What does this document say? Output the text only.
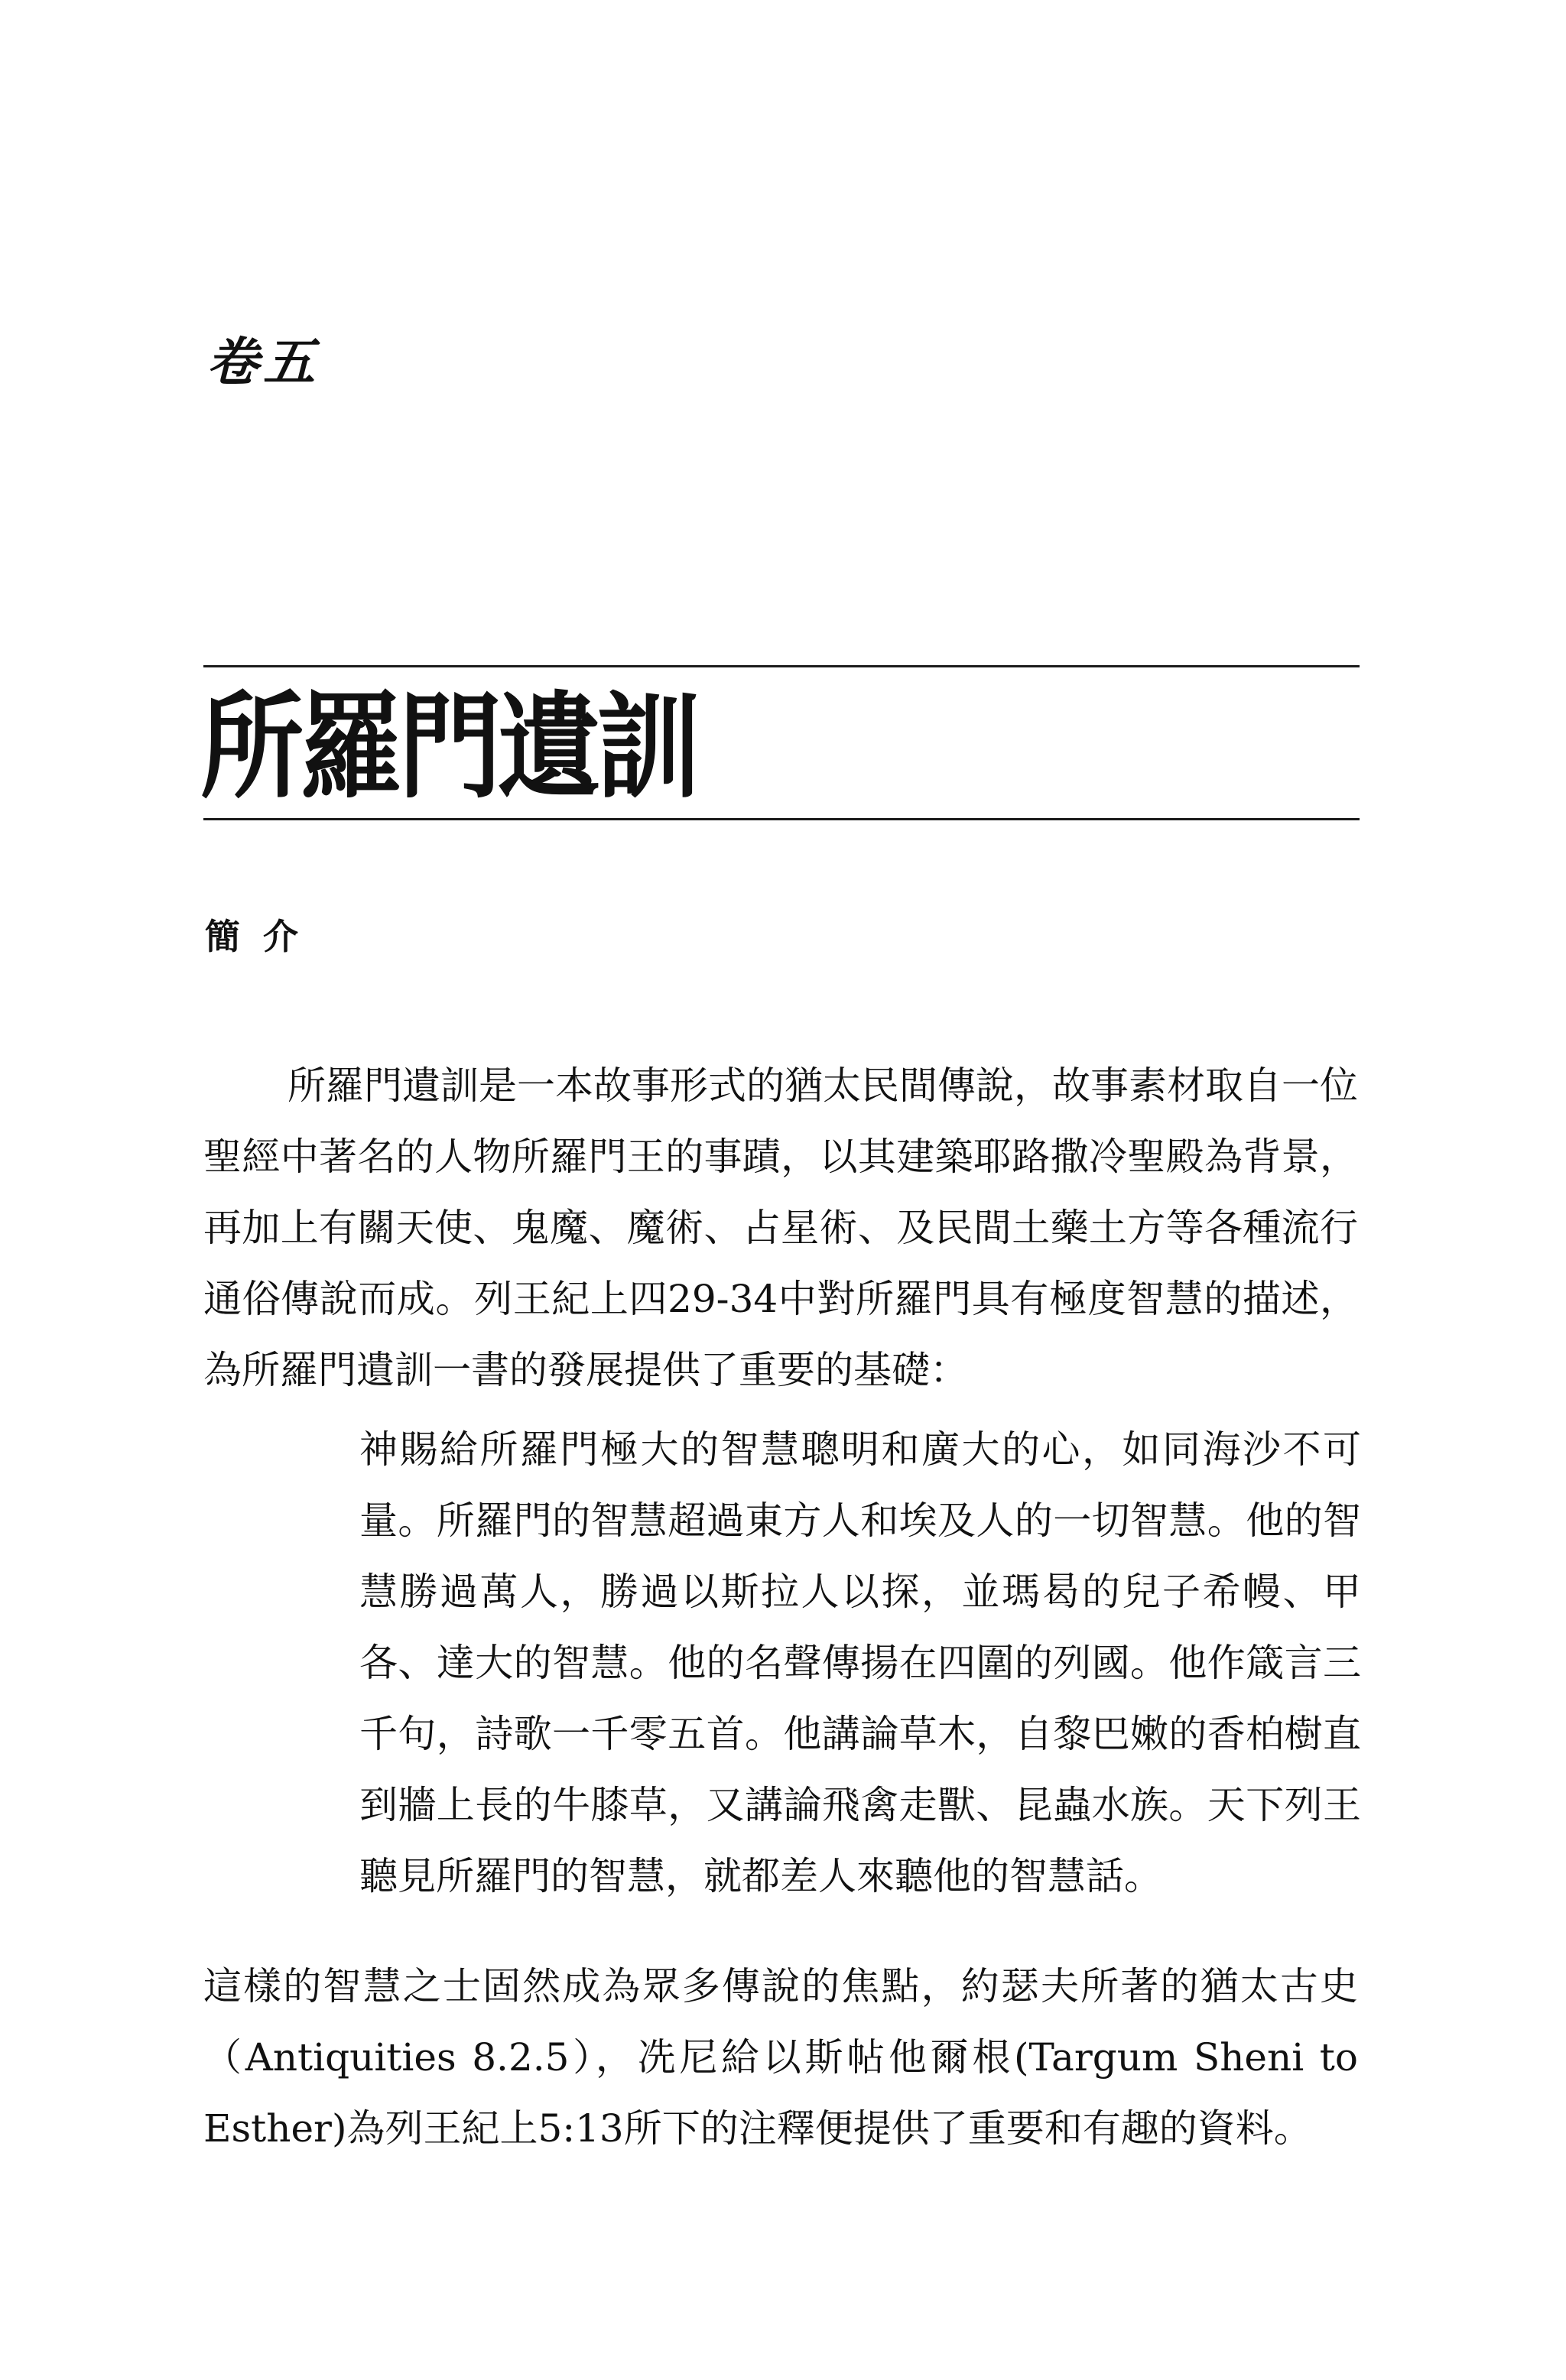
卷五
所羅門遺訓
簡介

所羅門遺訓是一本故事形式的猶太民間傳說，故事素材取自一位聖經中著名的人物所羅門王的事蹟，以其建築耶路撒冷聖殿為背景，再加上有關天使、鬼魔、魔術、占星術、及民間土藥土方等各種流行通俗傳說而成。列王紀上四29-34中對所羅門具有極度智慧的描述，為所羅門遺訓一書的發展提供了重要的基礎：

神賜給所羅門極大的智慧聰明和廣大的心，如同海沙不可量。所羅門的智慧超過東方人和埃及人的一切智慧。他的智慧勝過萬人，勝過以斯拉人以探，並瑪曷的兒子希幔、甲各、達大的智慧。他的名聲傳揚在四圍的列國。他作箴言三千句，詩歌一千零五首。他講論草木，自黎巴嫩的香柏樹直到牆上長的牛膝草，又講論飛禽走獸、昆蟲水族。天下列王聽見所羅門的智慧，就都差人來聽他的智慧話。

這樣的智慧之士固然成為眾多傳說的焦點，約瑟夫所著的猶太古史（Antiquities 8.2.5），冼尼給以斯帖他爾根(Targum Sheni to Esther)為列王紀上5:13所下的注釋便提供了重要和有趣的資料。
